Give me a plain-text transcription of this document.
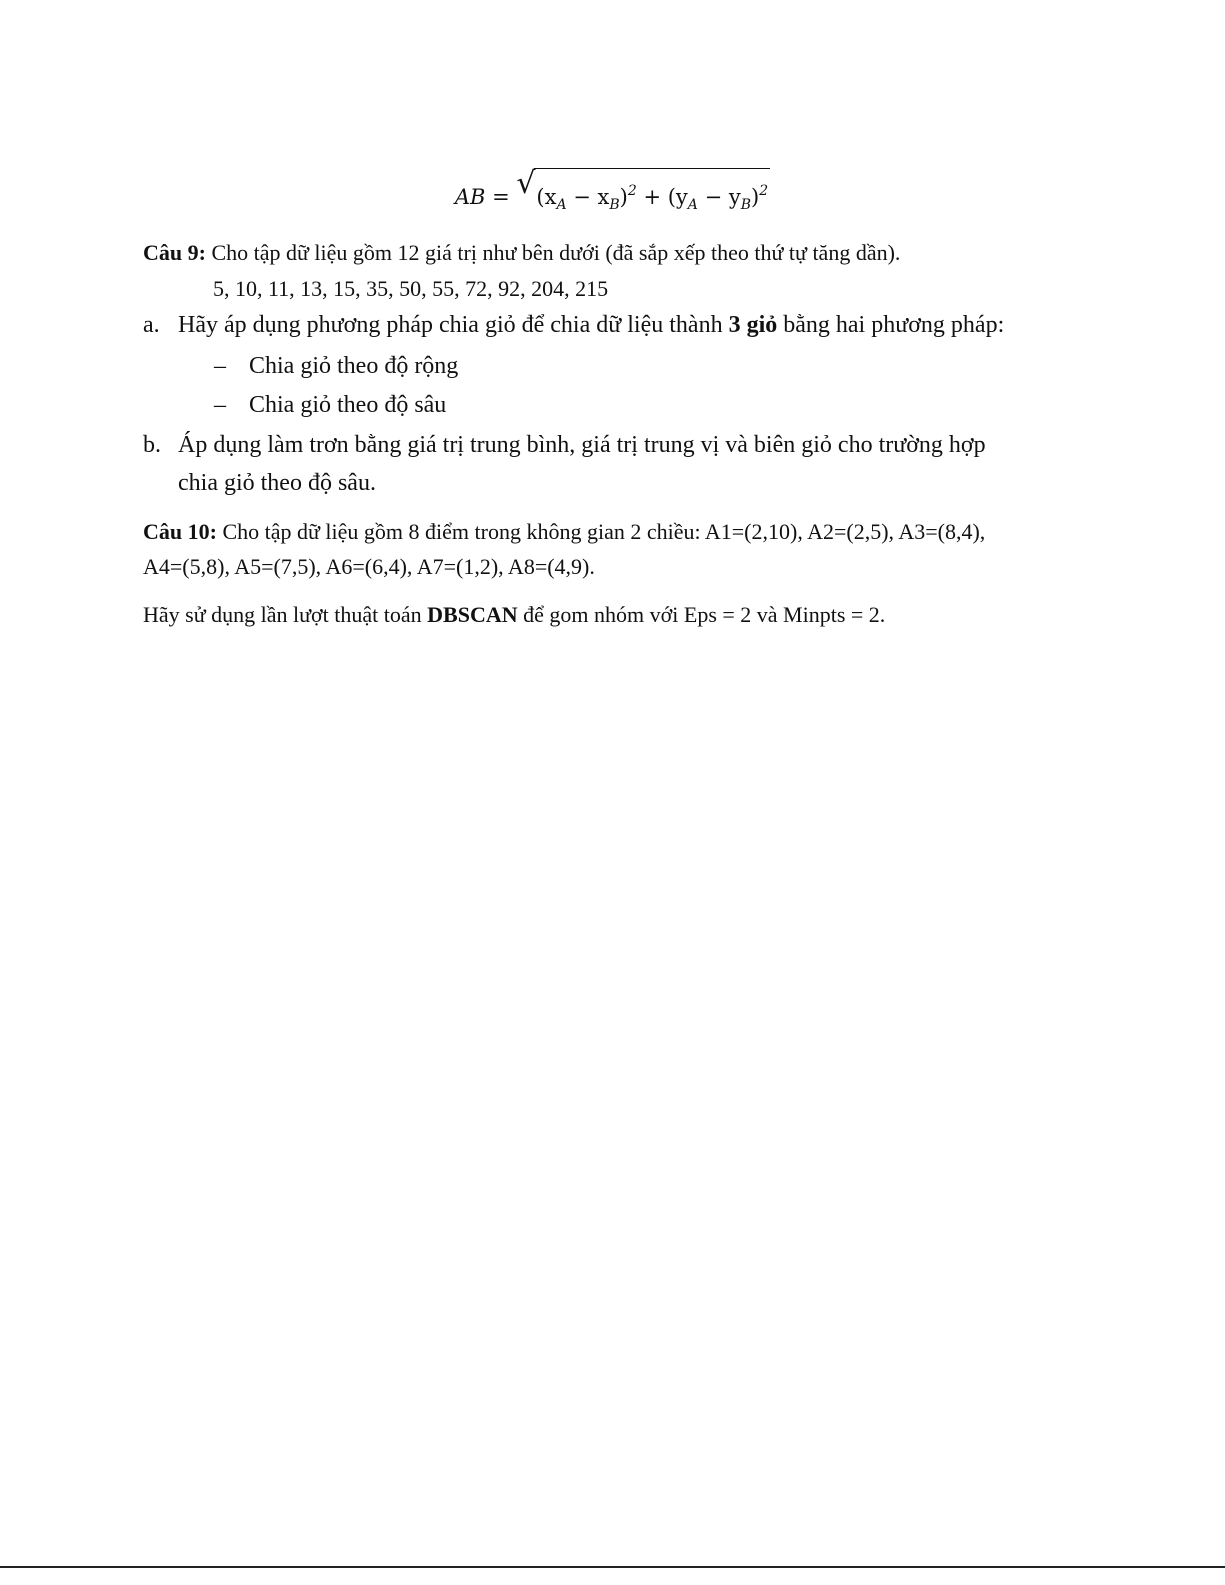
AB = √ $(x_A - x_B)^2 + (y_A - y_B)^2$
Câu 9: Cho tập dữ liệu gồm 12 giá trị như bên dưới (đã sắp xếp theo thứ tự tăng dần).
5, 10, 11, 13, 15, 35, 50, 55, 72, 92, 204, 215
a. Hãy áp dụng phương pháp chia giỏ để chia dữ liệu thành 3 giỏ bằng hai phương pháp:
– Chia giỏ theo độ rộng
– Chia giỏ theo độ sâu
b. Áp dụng làm trơn bằng giá trị trung bình, giá trị trung vị và biên giỏ cho trường hợp
chia giỏ theo độ sâu.
Câu 10: Cho tập dữ liệu gồm 8 điểm trong không gian 2 chiều: A1=(2,10), A2=(2,5), A3=(8,4),
A4=(5,8), A5=(7,5), A6=(6,4), A7=(1,2), A8=(4,9).
Hãy sử dụng lần lượt thuật toán DBSCAN để gom nhóm với Eps = 2 và Minpts = 2.
